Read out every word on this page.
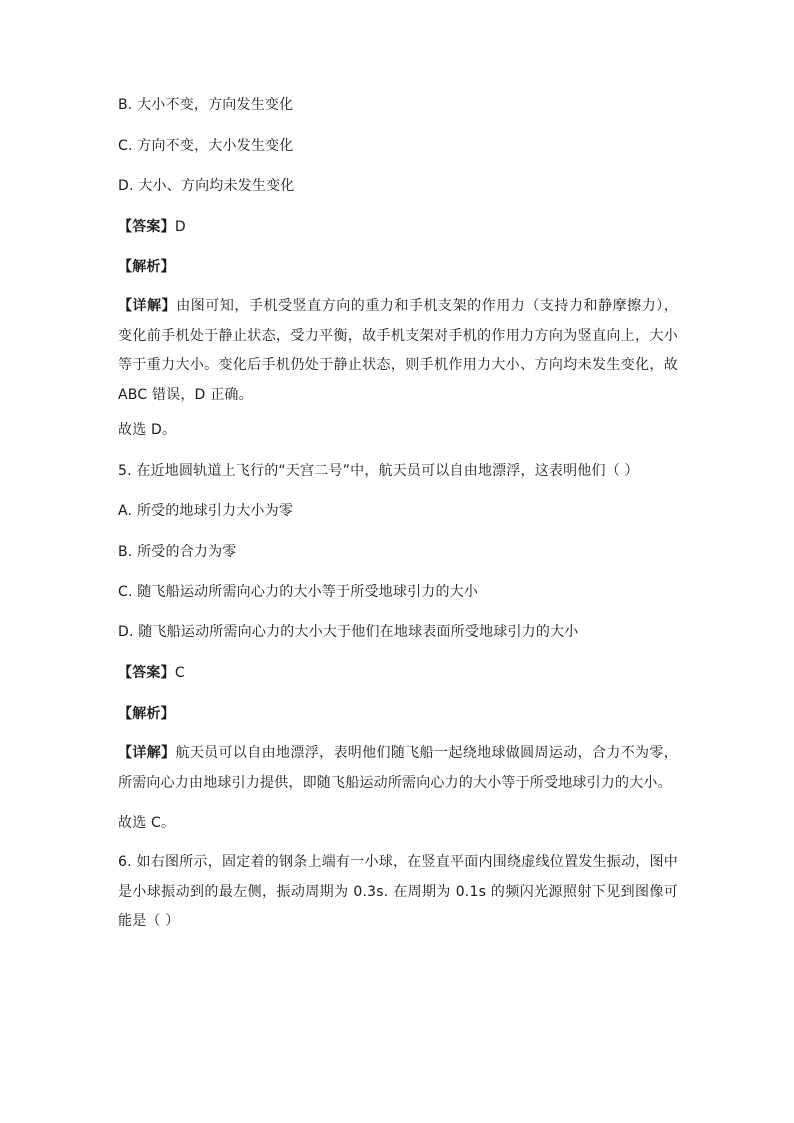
B. 大小不变，方向发生变化
C. 方向不变，大小发生变化
D. 大小、方向均未发生变化
【答案】D
【解析】
【详解】由图可知，手机受竖直方向的重力和手机支架的作用力（支持力和静摩擦力），变化前手机处于静止状态，受力平衡，故手机支架对手机的作用力方向为竖直向上，大小等于重力大小。变化后手机仍处于静止状态，则手机作用力大小、方向均未发生变化，故 ABC 错误，D 正确。
故选 D。
5. 在近地圆轨道上飞行的“天宫二号”中，航天员可以自由地漂浮，这表明他们（ ）
A. 所受的地球引力大小为零
B. 所受的合力为零
C. 随飞船运动所需向心力的大小等于所受地球引力的大小
D. 随飞船运动所需向心力的大小大于他们在地球表面所受地球引力的大小
【答案】C
【解析】
【详解】航天员可以自由地漂浮，表明他们随飞船一起绕地球做圆周运动，合力不为零，所需向心力由地球引力提供，即随飞船运动所需向心力的大小等于所受地球引力的大小。
故选 C。
6. 如右图所示，固定着的钢条上端有一小球，在竖直平面内围绕虚线位置发生振动，图中是小球振动到的最左侧，振动周期为 0.3s. 在周期为 0.1s 的频闪光源照射下见到图像可能是（ ）
